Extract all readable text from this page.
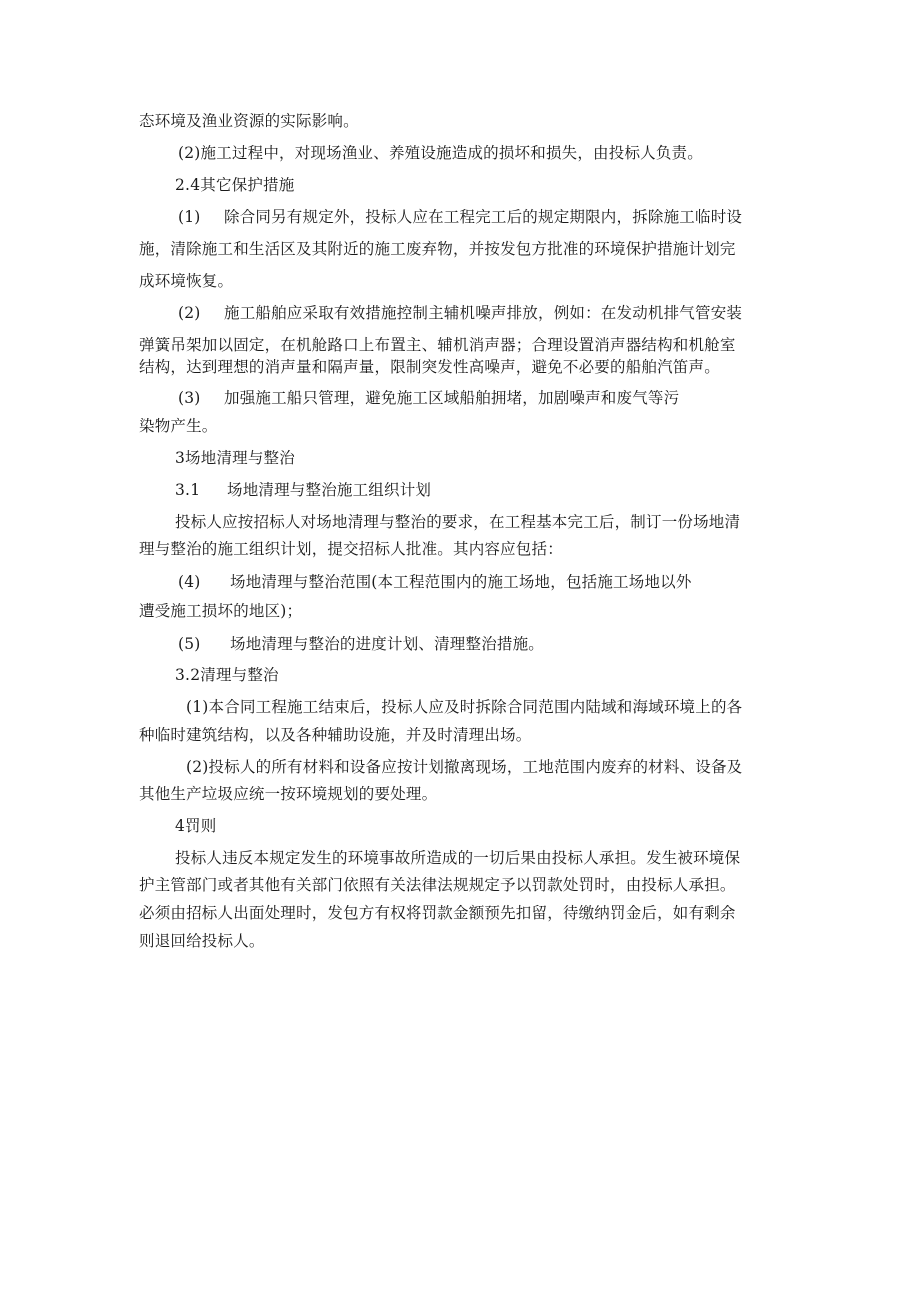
态环境及渔业资源的实际影响。
(2)施工过程中，对现场渔业、养殖设施造成的损坏和损失，由投标人负责。
2.4其它保护措施
(1) 除合同另有规定外，投标人应在工程完工后的规定期限内，拆除施工临时设
施，清除施工和生活区及其附近的施工废弃物，并按发包方批准的环境保护措施计划完
成环境恢复。
(2) 施工船舶应采取有效措施控制主辅机噪声排放，例如：在发动机排气管安装
弹簧吊架加以固定，在机舱路口上布置主、辅机消声器；合理设置消声器结构和机舱室
结构，达到理想的消声量和隔声量，限制突发性高噪声，避免不必要的船舶汽笛声。
(3) 加强施工船只管理，避免施工区域船舶拥堵，加剧噪声和废气等污
染物产生。
3场地清理与整治
3.1 场地清理与整治施工组织计划
投标人应按招标人对场地清理与整治的要求，在工程基本完工后，制订一份场地清
理与整治的施工组织计划，提交招标人批准。其内容应包括：
(4) 场地清理与整治范围(本工程范围内的施工场地，包括施工场地以外
遭受施工损坏的地区)；
(5) 场地清理与整治的进度计划、清理整治措施。
3.2清理与整治
(1)本合同工程施工结束后，投标人应及时拆除合同范围内陆域和海域环境上的各
种临时建筑结构，以及各种辅助设施，并及时清理出场。
(2)投标人的所有材料和设备应按计划撤离现场，工地范围内废弃的材料、设备及
其他生产垃圾应统一按环境规划的要处理。
4罚则
投标人违反本规定发生的环境事故所造成的一切后果由投标人承担。发生被环境保
护主管部门或者其他有关部门依照有关法律法规规定予以罚款处罚时，由投标人承担。
必须由招标人出面处理时，发包方有权将罚款金额预先扣留，待缴纳罚金后，如有剩余
则退回给投标人。
